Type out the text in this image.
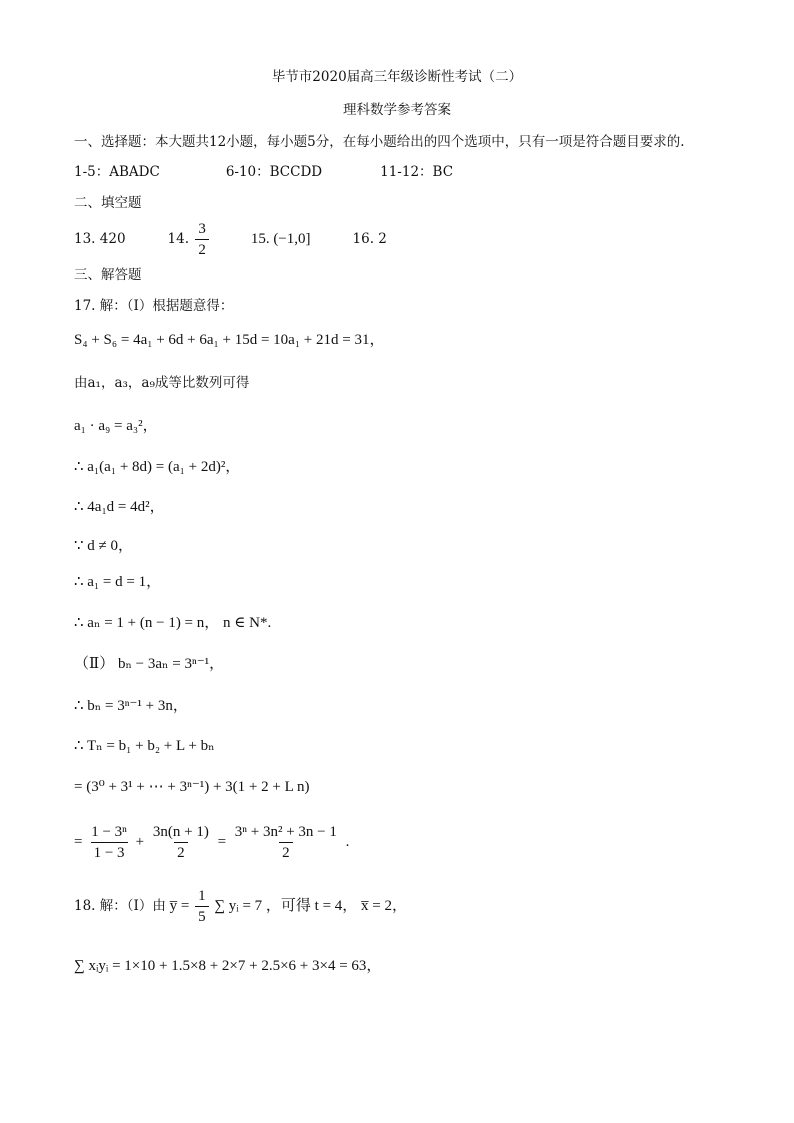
毕节市2020届高三年级诊断性考试（二）
理科数学参考答案
一、选择题：本大题共12小题，每小题5分，在每小题给出的四个选项中，只有一项是符合题目要求的.
1-5：ABADC	6-10：BCCDD	11-12：BC
二、填空题
13. 420	14. $\frac{3}{2}$	15. (−1,0]	16. 2
三、解答题
17. 解：（Ⅰ）根据题意得：
S₄ + S₆ = 4a₁ + 6d + 6a₁ + 15d = 10a₁ + 21d = 31，
由a₁，a₃，a₉成等比数列可得
a₁ · a₉ = a₃²，
∴ a₁(a₁ + 8d) = (a₁ + 2d)²，
∴ 4a₁d = 4d²，
∵ d ≠ 0，
∴ a₁ = d = 1，
∴ aₙ = 1 + (n − 1) = n， n ∈ N*.
（Ⅱ） bₙ − 3aₙ = 3ⁿ⁻¹，
∴ bₙ = 3ⁿ⁻¹ + 3n，
∴ Tₙ = b₁ + b₂ + L + bₙ
= (3⁰ + 3¹ + ⋯ + 3ⁿ⁻¹) + 3(1 + 2 + L n)
= $\frac{\text{1 − 3ⁿ}}{1 - 3} + \frac{3n(n + 1)}{2} = \frac{\text{3ⁿ + 3n² + 3n − 1}}{2}$ .
18. 解：（Ⅰ）由 y̅ = $\frac{1}{5}$ ∑ yᵢ = 7 ，可得 t = 4， x̅ = 2，
∑ xᵢyᵢ = 1×10 + 1.5×8 + 2×7 + 2.5×6 + 3×4 = 63，
